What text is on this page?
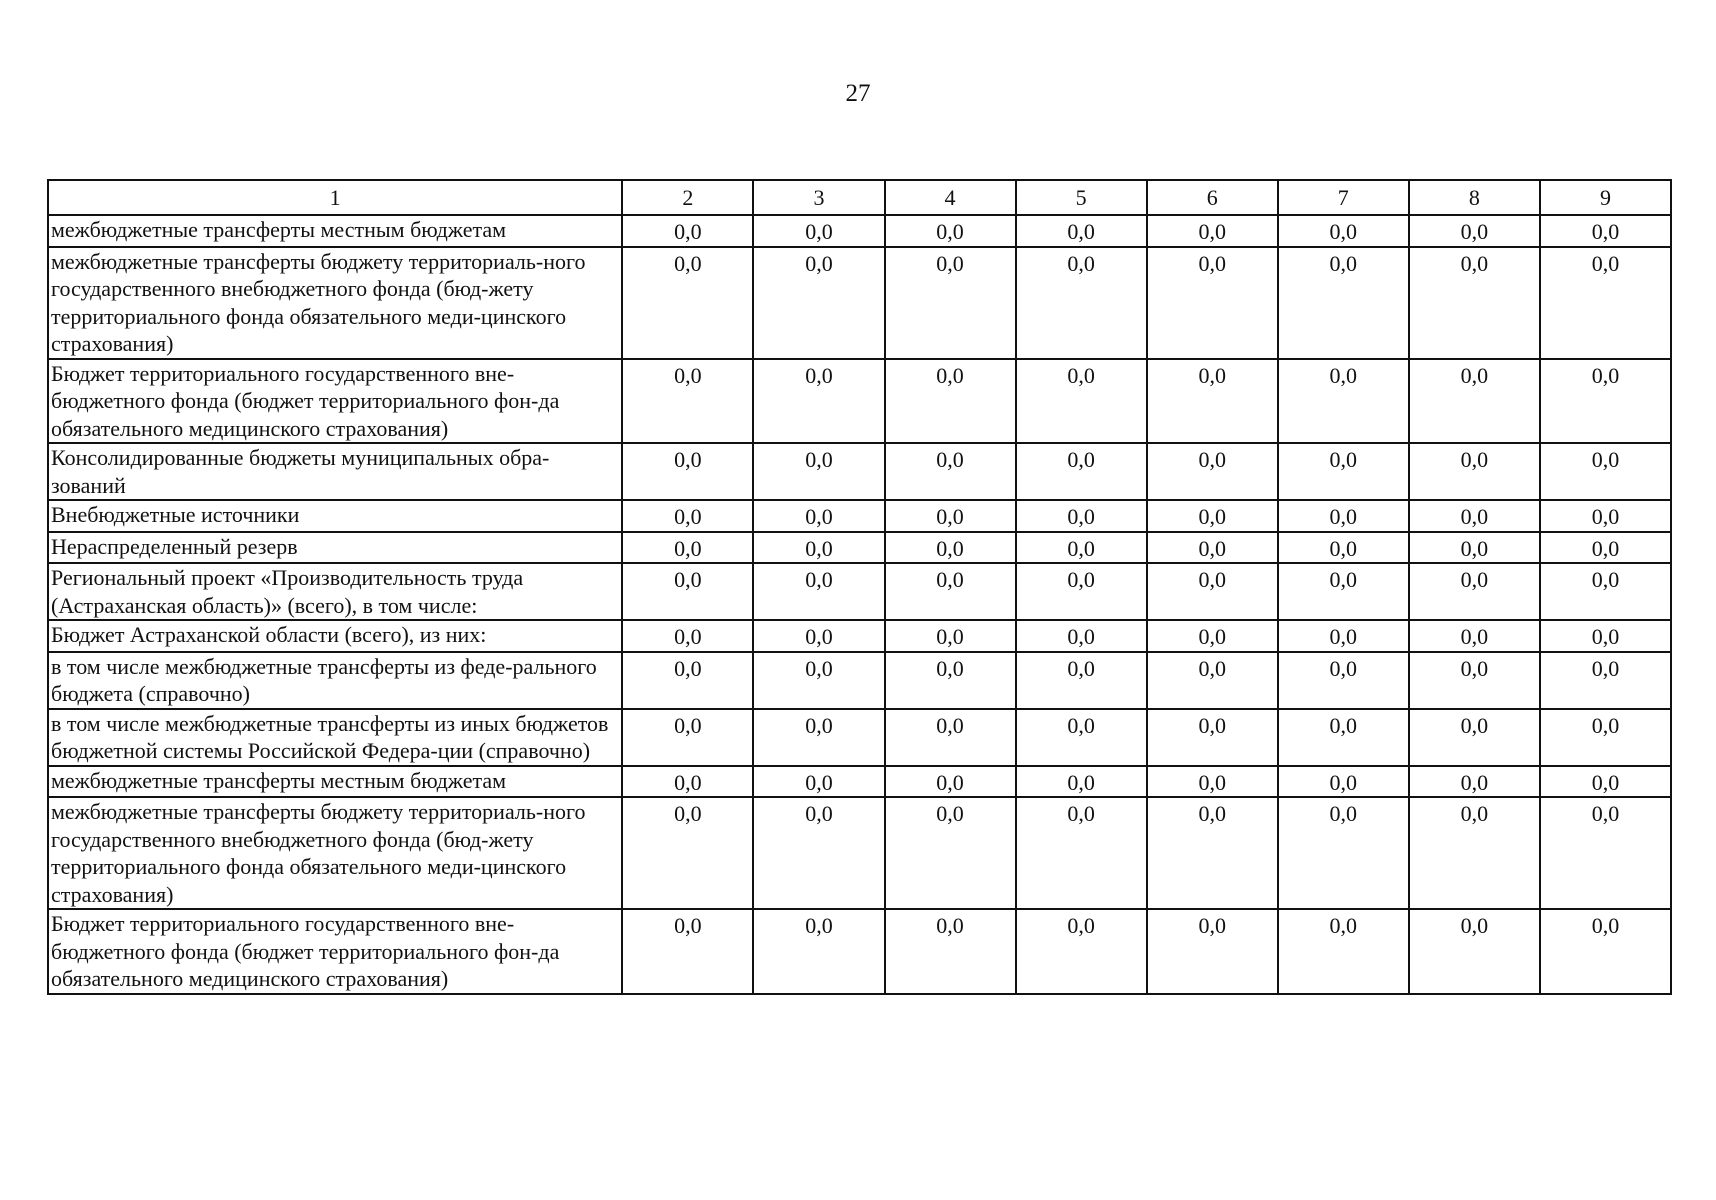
27
1	2	3	4	5	6	7	8	9
межбюджетные трансферты местным бюджетам	0,0	0,0	0,0	0,0	0,0	0,0	0,0	0,0
межбюджетные трансферты бюджету территориаль-ного государственного внебюджетного фонда (бюд-жету территориального фонда обязательного меди-цинского страхования)	0,0	0,0	0,0	0,0	0,0	0,0	0,0	0,0
Бюджет территориального государственного вне-бюджетного фонда (бюджет территориального фон-да обязательного медицинского страхования)	0,0	0,0	0,0	0,0	0,0	0,0	0,0	0,0
Консолидированные бюджеты муниципальных обра-зований	0,0	0,0	0,0	0,0	0,0	0,0	0,0	0,0
Внебюджетные источники	0,0	0,0	0,0	0,0	0,0	0,0	0,0	0,0
Нераспределенный резерв	0,0	0,0	0,0	0,0	0,0	0,0	0,0	0,0
Региональный проект «Производительность труда (Астраханская область)» (всего), в том числе:	0,0	0,0	0,0	0,0	0,0	0,0	0,0	0,0
Бюджет Астраханской области (всего), из них:	0,0	0,0	0,0	0,0	0,0	0,0	0,0	0,0
в том числе межбюджетные трансферты из феде-рального бюджета (справочно)	0,0	0,0	0,0	0,0	0,0	0,0	0,0	0,0
в том числе межбюджетные трансферты из иных бюджетов бюджетной системы Российской Федера-ции (справочно)	0,0	0,0	0,0	0,0	0,0	0,0	0,0	0,0
межбюджетные трансферты местным бюджетам	0,0	0,0	0,0	0,0	0,0	0,0	0,0	0,0
межбюджетные трансферты бюджету территориаль-ного государственного внебюджетного фонда (бюд-жету территориального фонда обязательного меди-цинского страхования)	0,0	0,0	0,0	0,0	0,0	0,0	0,0	0,0
Бюджет территориального государственного вне-бюджетного фонда (бюджет территориального фон-да обязательного медицинского страхования)	0,0	0,0	0,0	0,0	0,0	0,0	0,0	0,0
